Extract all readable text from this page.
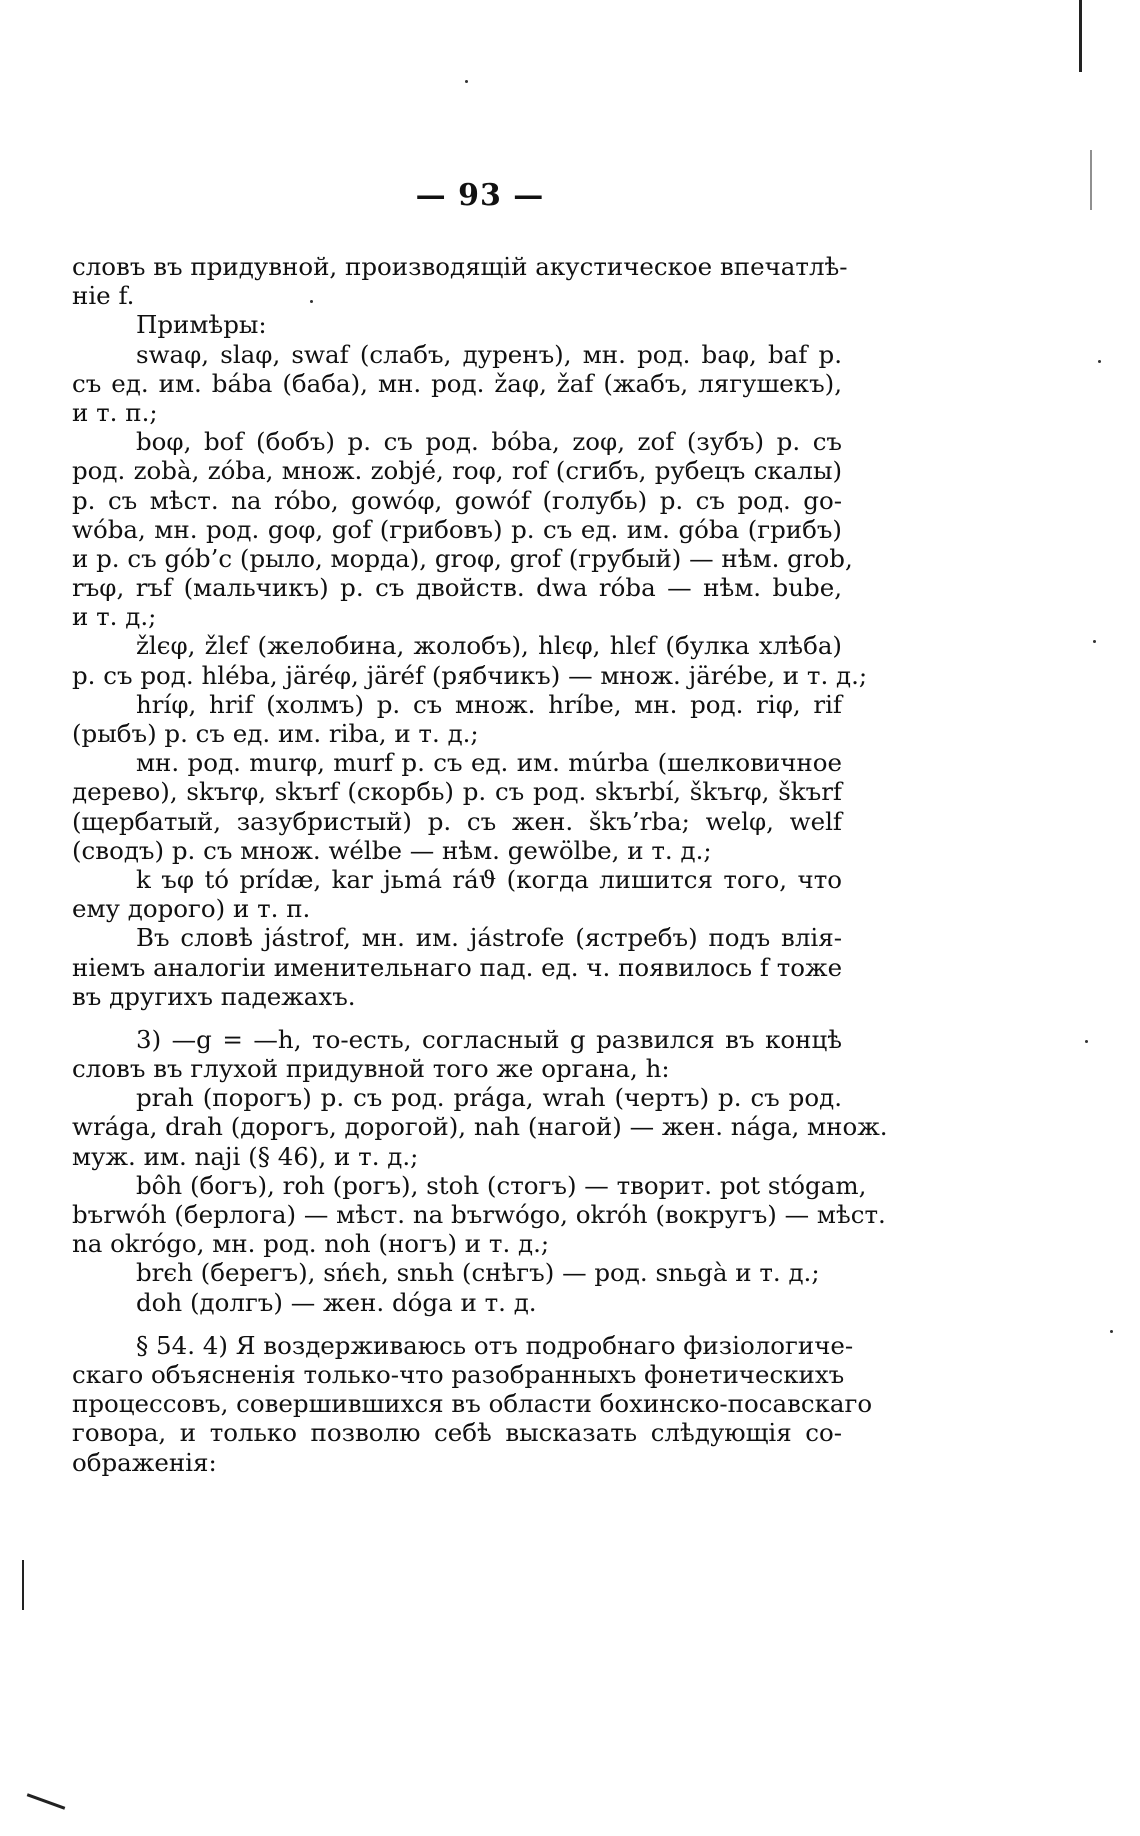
— 93 —
словъ въ придувной, производящій акустическое впечатлѣ-
ніе f.
Примѣры:
swaφ, slaφ, swaf (слабъ, дуренъ), мн. род. baφ, baf р.
съ ед. им. bába (баба), мн. род. žaφ, žaf (жабъ, лягушекъ),
и т. п.;
boφ, bof (бобъ) р. съ род. bóba, zoφ, zof (зубъ) р. съ
род. zobà, zóba, множ. zobjé, roφ, rof (сгибъ, рубецъ скалы)
р. съ мѣст. na róbo, gowóφ, gowóf (голубь) р. съ род. go-
wóba, мн. род. goφ, gof (грибовъ) р. съ ед. им. góba (грибъ)
и р. съ gób’c (рыло, морда), groφ, grof (грубый) — нѣм. grob,
rъφ, rъf (мальчикъ) р. съ двойств. dwa róba — нѣм. bube,
и т. д.;
žlєφ, žlєf (желобина, жолобъ), hlєφ, hlєf (булка хлѣба)
р. съ род. hléba, järéφ, järéf (рябчикъ) — множ. järébe, и т. д.;
hríφ, hrif (холмъ) р. съ множ. hríbe, мн. род. riφ, rif
(рыбъ) р. съ ед. им. riba, и т. д.;
мн. род. murφ, murf р. съ ед. им. múrba (шелковичное
дерево), skъrφ, skъrf (скорбь) р. съ род. skъrbí, škъrφ, škъrf
(щербатый, зазубристый) р. съ жен. škъ’rba; welφ, welf
(сводъ) р. съ множ. wélbe — нѣм. gewölbe, и т. д.;
k ъφ tó prídæ, kar jьmá ráϑ (когда лишится того, что
ему дорого) и т. п.
Въ словѣ jástrof, мн. им. jástrofe (ястребъ) подъ влія-
ніемъ аналогіи именительнаго пад. ед. ч. появилось f тоже
въ другихъ падежахъ.
3) —g = —h, то-есть, согласный g развился въ концѣ
словъ въ глухой придувной того же органа, h:
prah (порогъ) р. съ род. prága, wrah (чертъ) р. съ род.
wrága, drah (дорогъ, дорогой), nah (нагой) — жен. nága, множ.
муж. им. naji (§ 46), и т. д.;
bôh (богъ), roh (рогъ), stoh (стогъ) — творит. pot stógam,
bъrwóh (берлога) — мѣст. na bъrwógo, okróh (вокругъ) — мѣст.
na okrógo, мн. род. noh (ногъ) и т. д.;
brєh (берегъ), sńєh, snьh (снѣгъ) — род. snьgà и т. д.;
doh (долгъ) — жен. dóga и т. д.
§ 54. 4) Я воздерживаюсь отъ подробнаго физіологиче-
скаго объясненія только-что разобранныхъ фонетическихъ
процессовъ, совершившихся въ области бохинско-посавскаго
говора, и только позволю себѣ высказать слѣдующія со-
ображенія:
